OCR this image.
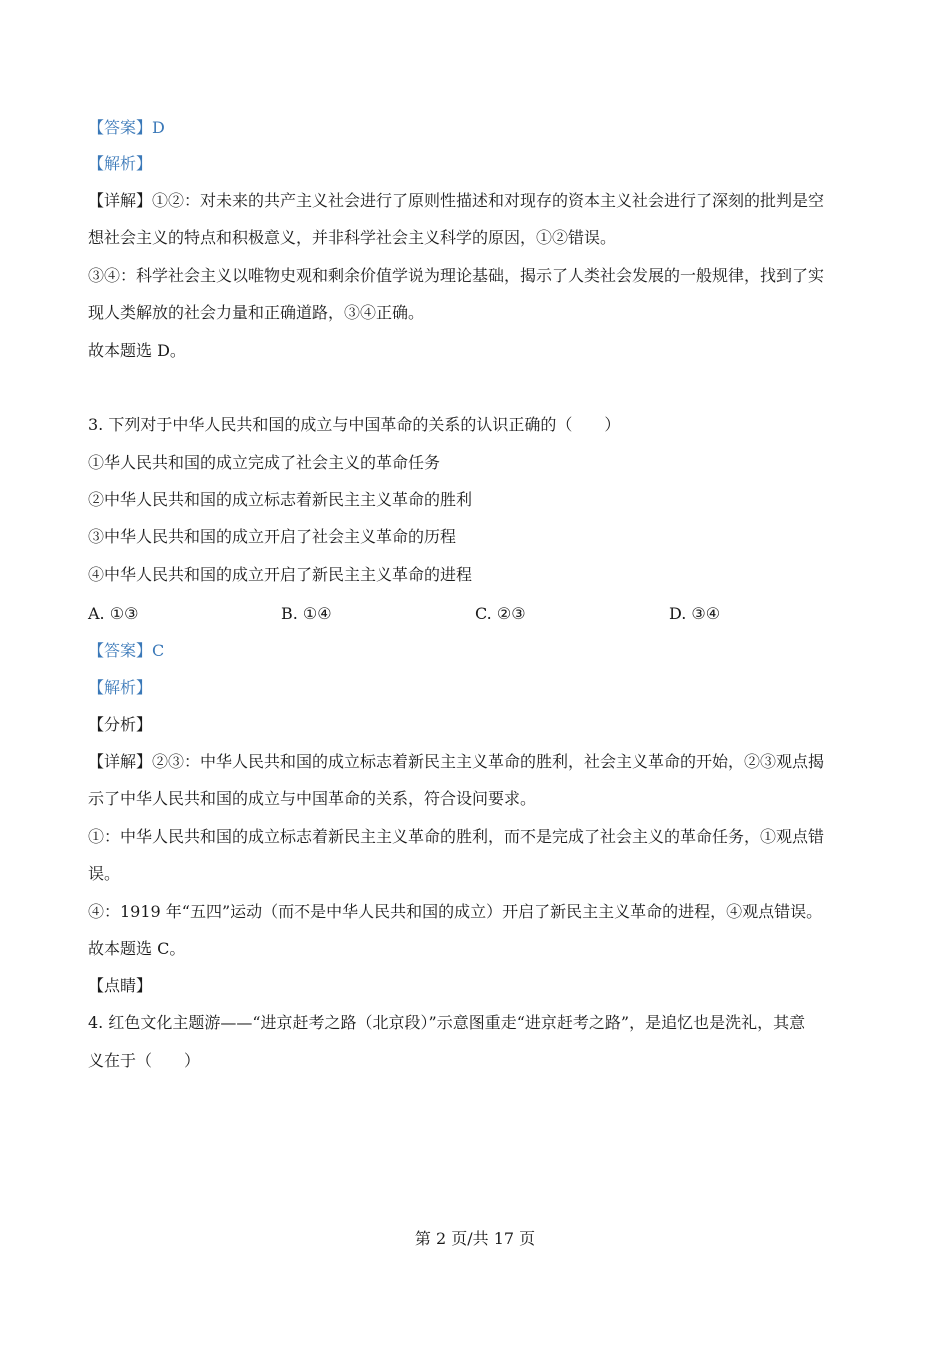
【答案】D
【解析】
【详解】①②：对未来的共产主义社会进行了原则性描述和对现存的资本主义社会进行了深刻的批判是空
想社会主义的特点和积极意义，并非科学社会主义科学的原因，①②错误。
③④：科学社会主义以唯物史观和剩余价值学说为理论基础，揭示了人类社会发展的一般规律，找到了实
现人类解放的社会力量和正确道路，③④正确。
故本题选 D。
3. 下列对于中华人民共和国的成立与中国革命的关系的认识正确的（　　）
①华人民共和国的成立完成了社会主义的革命任务
②中华人民共和国的成立标志着新民主主义革命的胜利
③中华人民共和国的成立开启了社会主义革命的历程
④中华人民共和国的成立开启了新民主主义革命的进程
A. ①③	B. ①④	C. ②③	D. ③④
【答案】C
【解析】
【分析】
【详解】②③：中华人民共和国的成立标志着新民主主义革命的胜利，社会主义革命的开始，②③观点揭
示了中华人民共和国的成立与中国革命的关系，符合设问要求。
①：中华人民共和国的成立标志着新民主主义革命的胜利，而不是完成了社会主义的革命任务，①观点错
误。
④：1919 年“五四”运动（而不是中华人民共和国的成立）开启了新民主主义革命的进程，④观点错误。
故本题选 C。
【点睛】
4. 红色文化主题游——“进京赶考之路（北京段）”示意图重走“进京赶考之路”，是追忆也是洗礼，其意
义在于（　　）
第 2 页/共 17 页
